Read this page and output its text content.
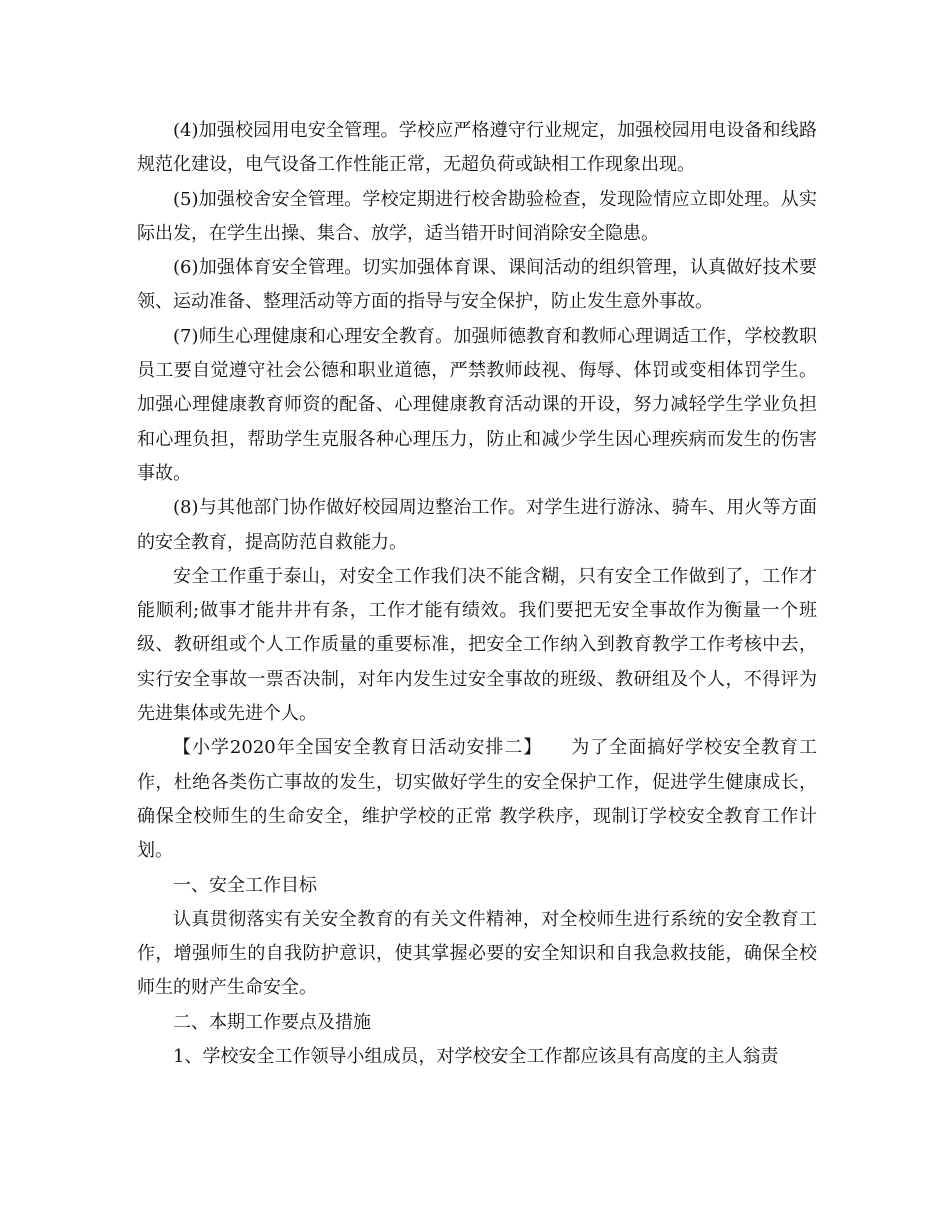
(4)加强校园用电安全管理。学校应严格遵守行业规定，加强校园用电设备和线路规范化建设，电气设备工作性能正常，无超负荷或缺相工作现象出现。

(5)加强校舍安全管理。学校定期进行校舍勘验检查，发现险情应立即处理。从实际出发，在学生出操、集合、放学，适当错开时间消除安全隐患。

(6)加强体育安全管理。切实加强体育课、课间活动的组织管理，认真做好技术要领、运动准备、整理活动等方面的指导与安全保护，防止发生意外事故。

(7)师生心理健康和心理安全教育。加强师德教育和教师心理调适工作，学校教职员工要自觉遵守社会公德和职业道德，严禁教师歧视、侮辱、体罚或变相体罚学生。加强心理健康教育师资的配备、心理健康教育活动课的开设，努力减轻学生学业负担和心理负担，帮助学生克服各种心理压力，防止和减少学生因心理疾病而发生的伤害事故。

(8)与其他部门协作做好校园周边整治工作。对学生进行游泳、骑车、用火等方面的安全教育，提高防范自救能力。

安全工作重于泰山，对安全工作我们决不能含糊，只有安全工作做到了，工作才能顺利;做事才能井井有条，工作才能有绩效。我们要把无安全事故作为衡量一个班级、教研组或个人工作质量的重要标准，把安全工作纳入到教育教学工作考核中去，实行安全事故一票否决制，对年内发生过安全事故的班级、教研组及个人，不得评为先进集体或先进个人。

【小学2020年全国安全教育日活动安排二】　　为了全面搞好学校安全教育工作，杜绝各类伤亡事故的发生，切实做好学生的安全保护工作，促进学生健康成长，确保全校师生的生命安全，维护学校的正常 教学秩序，现制订学校安全教育工作计划。

一、安全工作目标

认真贯彻落实有关安全教育的有关文件精神，对全校师生进行系统的安全教育工作，增强师生的自我防护意识，使其掌握必要的安全知识和自我急救技能，确保全校师生的财产生命安全。

二、本期工作要点及措施

1、学校安全工作领导小组成员，对学校安全工作都应该具有高度的主人翁责
